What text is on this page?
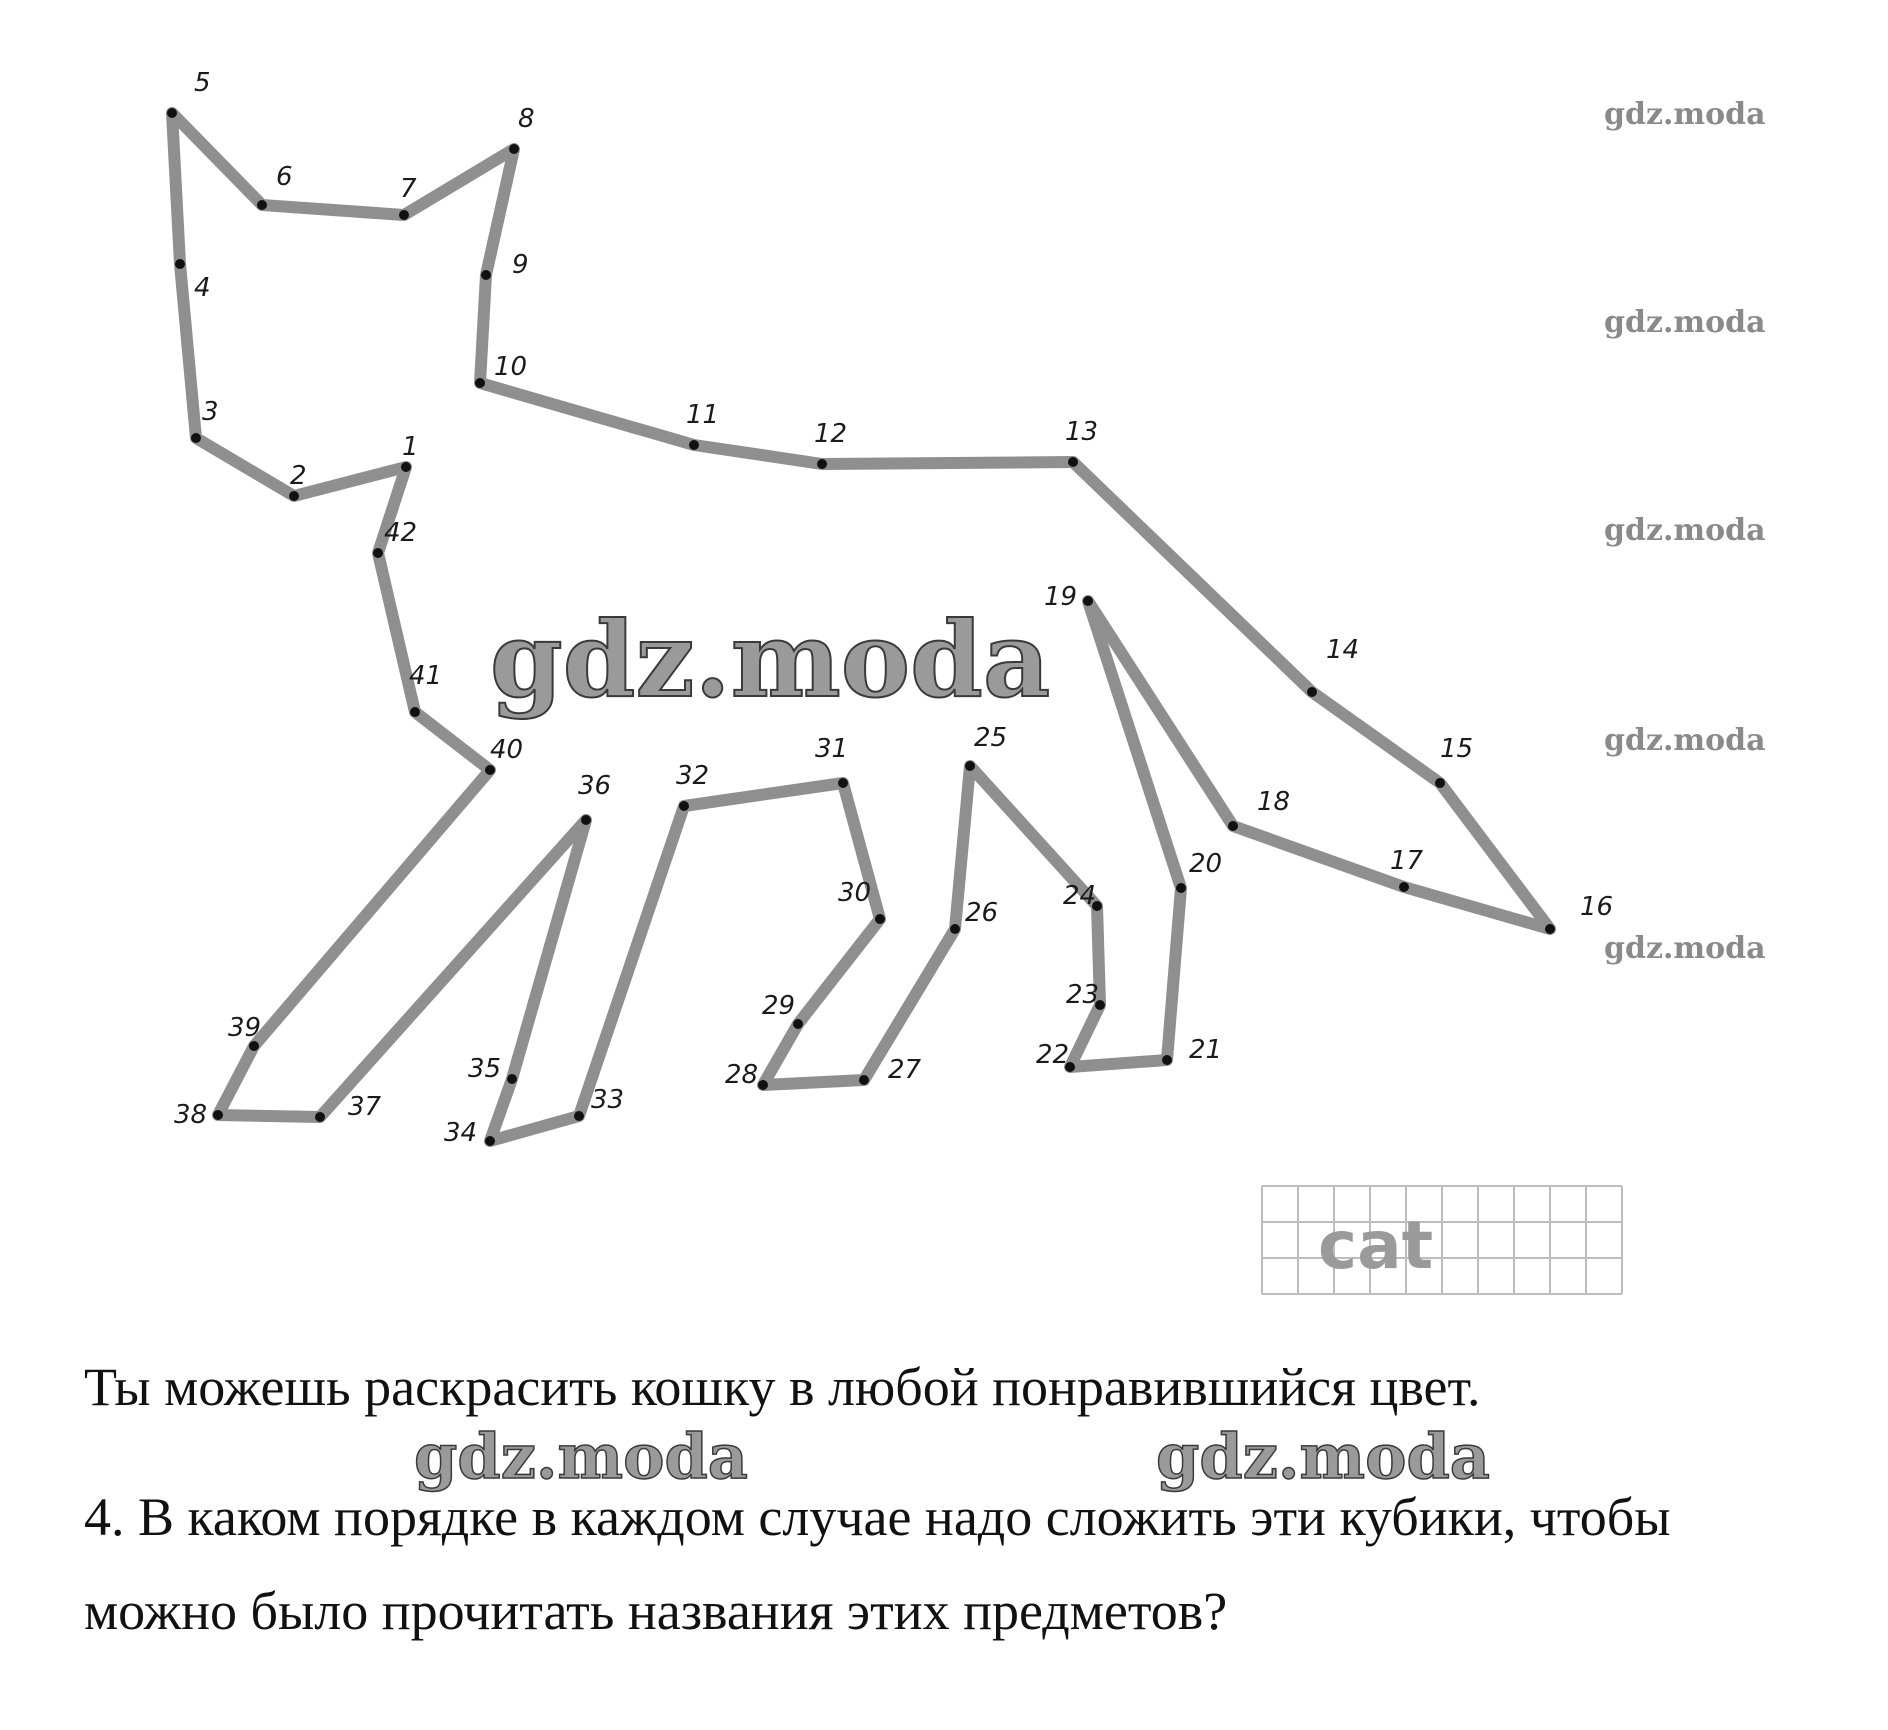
1
2
3
4
5
6	7
8
9
10
11
12	13
14
15
16
17
18
19
20
21
22
23
24
25
26
27
28
29
30
31
32
33
34
35
36
37
38
39
40
41
42
gdz.moda
gdz.moda
gdz.moda
gdz.moda
gdz.moda
gdz.moda
cat
gdz.moda	gdz.moda
Ты можешь раскрасить кошку в любой понравившийся цвет.
4. В каком порядке в каждом случае надо сложить эти кубики, чтобы
можно было прочитать названия этих предметов?
